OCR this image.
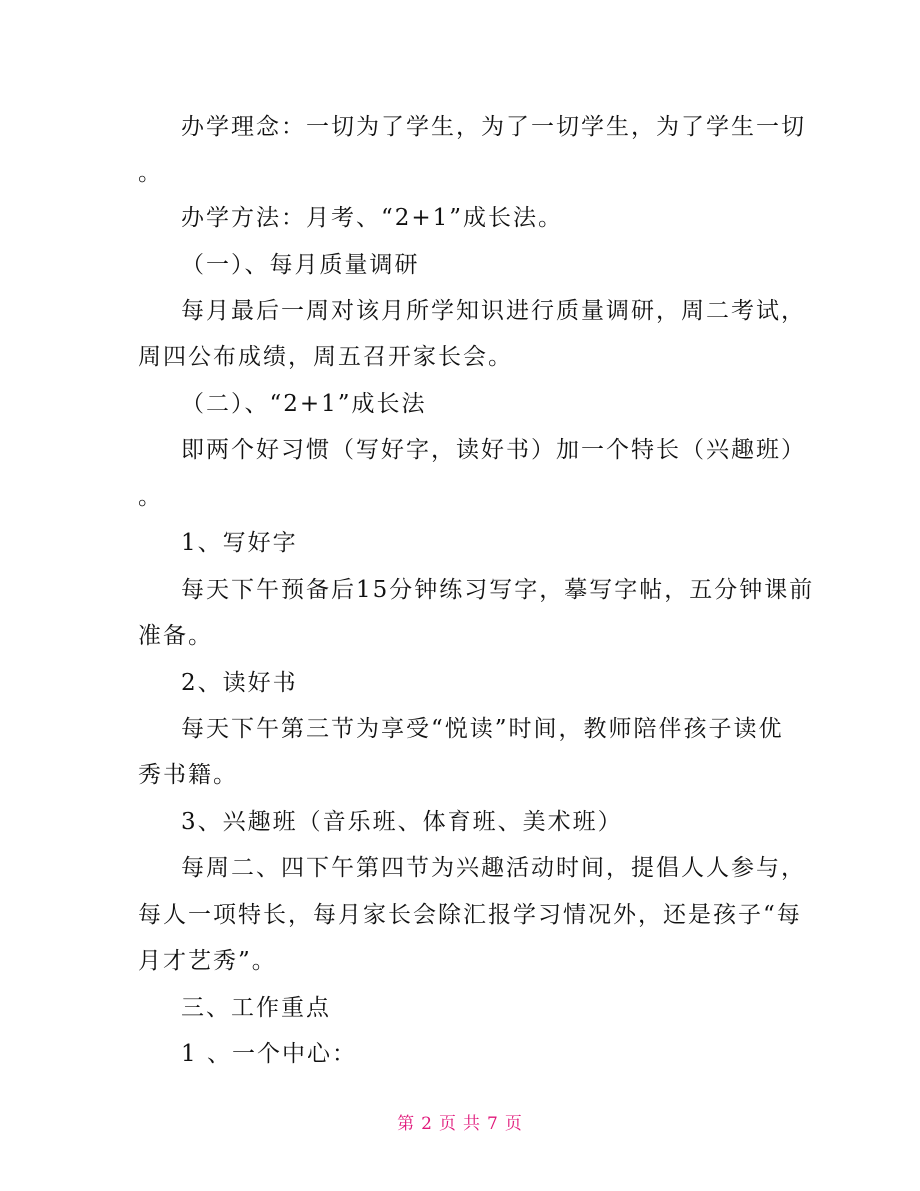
办学理念：一切为了学生，为了一切学生，为了学生一切
。
办学方法：月考、“2+1”成长法。
（一）、每月质量调研
每月最后一周对该月所学知识进行质量调研，周二考试，
周四公布成绩，周五召开家长会。
（二）、“2+1”成长法
即两个好习惯（写好字，读好书）加一个特长（兴趣班）
。
1、写好字
每天下午预备后15分钟练习写字，摹写字帖，五分钟课前
准备。
2、读好书
每天下午第三节为享受“悦读”时间，教师陪伴孩子读优
秀书籍。
3、兴趣班（音乐班、体育班、美术班）
每周二、四下午第四节为兴趣活动时间，提倡人人参与，
每人一项特长，每月家长会除汇报学习情况外，还是孩子“每
月才艺秀”。
三、工作重点
1 、一个中心：
第 2 页 共 7 页
